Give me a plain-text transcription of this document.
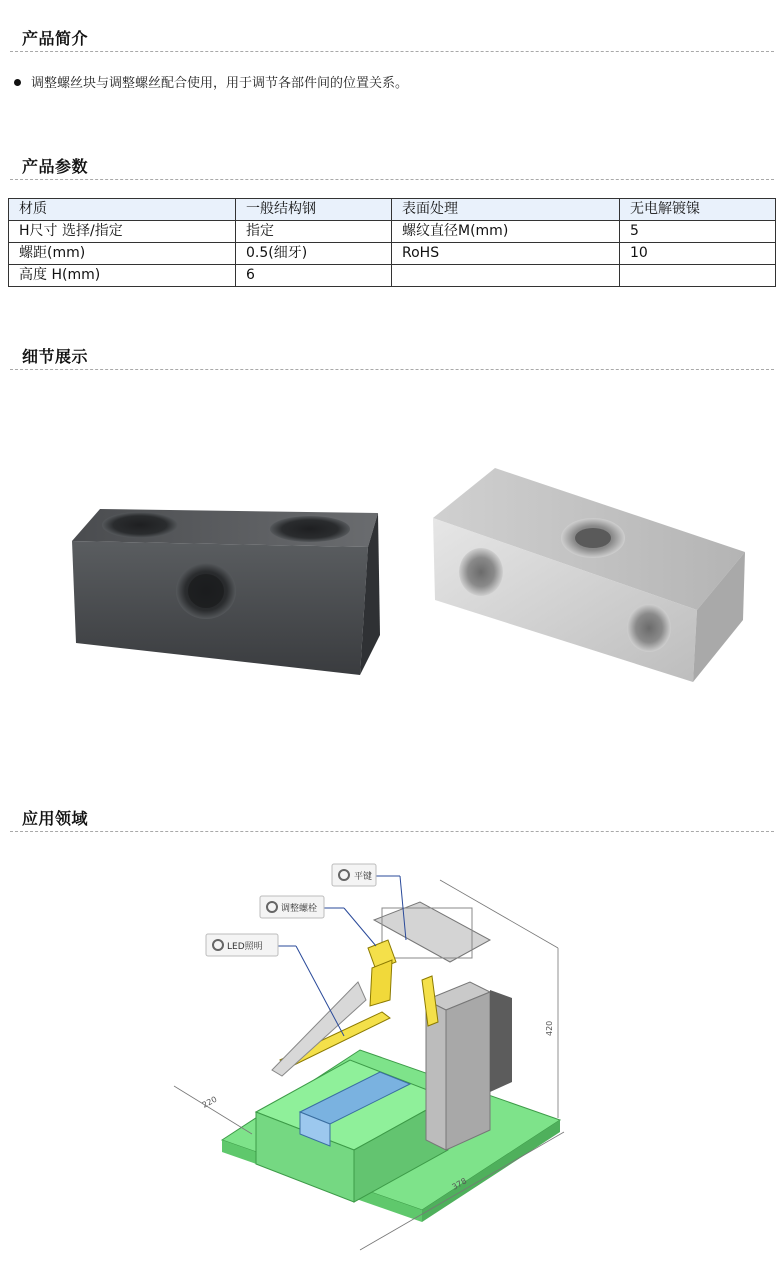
产品简介
调整螺丝块与调整螺丝配合使用，用于调节各部件间的位置关系。
产品参数
材质	一般结构钢	表面处理	无电解镀镍
H尺寸 选择/指定	指定	螺纹直径M(mm)	5
螺距(mm)	0.5(细牙)	RoHS	10
高度 H(mm)	6		
细节展示
应用领域
平键
调整螺栓
LED照明
220
378
420
